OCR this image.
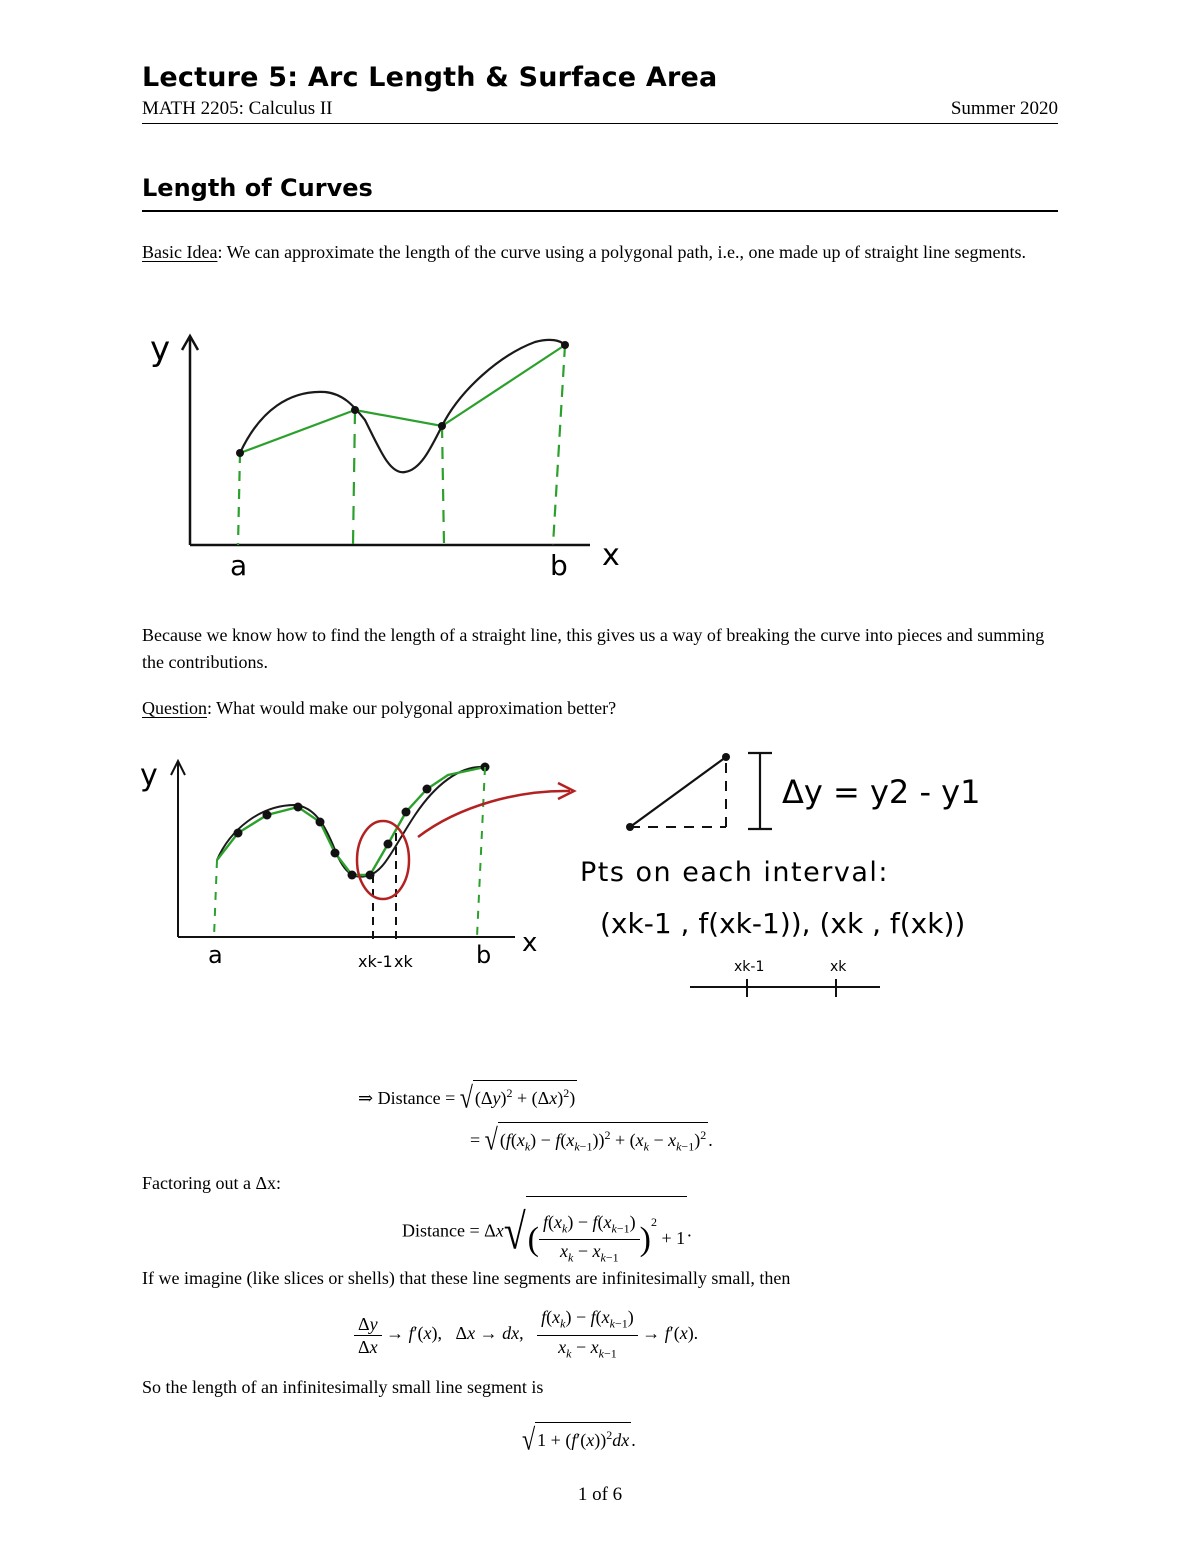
Lecture 5: Arc Length & Surface Area
MATH 2205: Calculus II	Summer 2020
Length of Curves
Basic Idea: We can approximate the length of the curve using a polygonal path, i.e., one made up of straight line segments.
y
x
a	b
Because we know how to find the length of a straight line, this gives us a way of breaking the curve into pieces and summing the contributions.
Question: What would make our polygonal approximation better?
y
x
a	b
xk-1 xk
Δy = y2 - y1
Pts on each interval:
(xk-1 , f(xk-1)), (xk , f(xk))
xk-1	xk
⇒ Distance = √ $(\Delta y)^2 + (\Delta x)^2$)
= √ $(f(x_k) - f(x_{k-1}))^2 + (x_k - x_{k-1})^2$ .
Factoring out a Δx:
Distance = $\Delta x√( \frac{f(x_k) - f(x_{k-1})}{x_k - x_{k-1}} )^2 + 1$ .
If we imagine (like slices or shells) that these line segments are infinitesimally small, then
$\frac{\Delta y}{\Delta x} \to f'(x)$,   Δx → dx, $\frac{f(x_k) - f(x_{k-1})}{x_k - x_{k-1}} \to f'(x)$.
So the length of an infinitesimally small line segment is
√ $1 + (f'(x))^2dx$ .
1 of 6
